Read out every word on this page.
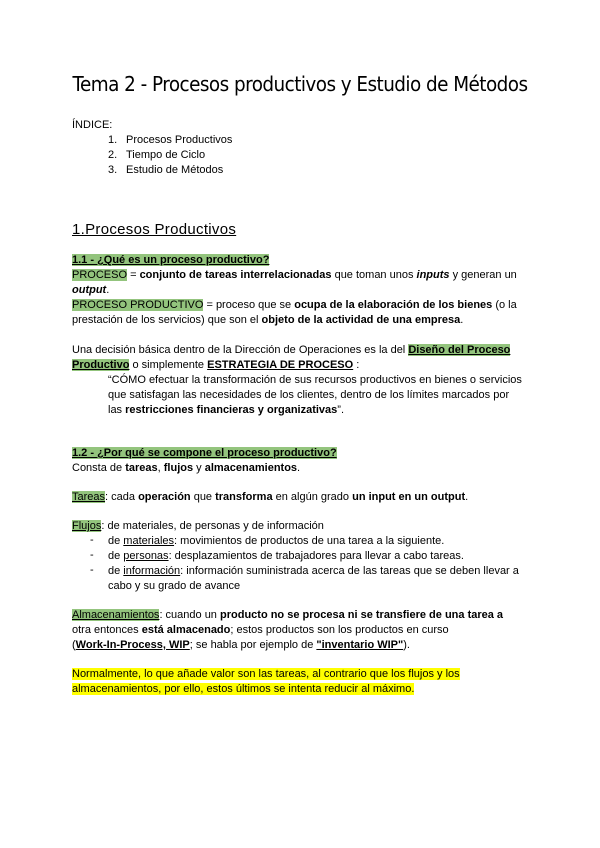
Tema 2 - Procesos productivos y Estudio de Métodos
ÍNDICE:
1. Procesos Productivos
2. Tiempo de Ciclo
3. Estudio de Métodos
1.Procesos Productivos
1.1 - ¿Qué es un proceso productivo?
PROCESO = conjunto de tareas interrelacionadas que toman unos inputs y generan un
output.
PROCESO PRODUCTIVO = proceso que se ocupa de la elaboración de los bienes (o la
prestación de los servicios) que son el objeto de la actividad de una empresa.
Una decisión básica dentro de la Dirección de Operaciones es la del Diseño del Proceso
Productivo o simplemente ESTRATEGIA DE PROCESO :
“CÓMO efectuar la transformación de sus recursos productivos en bienes o servicios
que satisfagan las necesidades de los clientes, dentro de los límites marcados por
las restricciones financieras y organizativas”.
1.2 - ¿Por qué se compone el proceso productivo?
Consta de tareas, flujos y almacenamientos.
Tareas: cada operación que transforma en algún grado un input en un output.
Flujos: de materiales, de personas y de información
- de materiales: movimientos de productos de una tarea a la siguiente.
- de personas: desplazamientos de trabajadores para llevar a cabo tareas.
- de información: información suministrada acerca de las tareas que se deben llevar a
cabo y su grado de avance
Almacenamientos: cuando un producto no se procesa ni se transfiere de una tarea a
otra entonces está almacenado; estos productos son los productos en curso
(Work-In-Process, WIP; se habla por ejemplo de "inventario WIP").
Normalmente, lo que añade valor son las tareas, al contrario que los flujos y los
almacenamientos, por ello, estos últimos se intenta reducir al máximo.
